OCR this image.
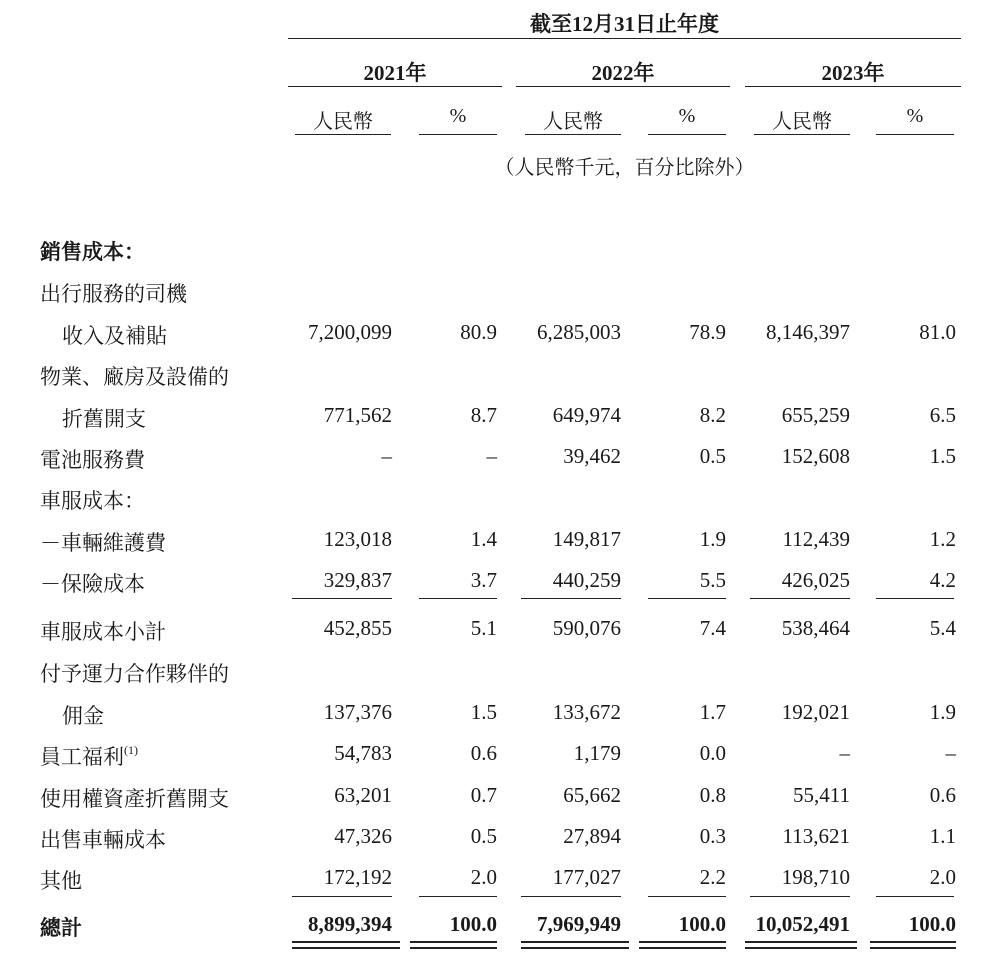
截至12月31日止年度
2021年	2022年	2023年
人民幣	%	人民幣	%	人民幣	%
（人民幣千元，百分比除外）
銷售成本：
出行服務的司機
收入及補貼	7,200,099	80.9 6,285,003	78.9 8,146,397	81.0
物業、廠房及設備的
折舊開支	771,562	8.7	649,974	8.2	655,259	6.5
電池服務費	–	–	39,462	0.5	152,608	1.5
車服成本：
－車輛維護費	123,018	1.4	149,817	1.9	112,439	1.2
－保險成本	329,837	3.7	440,259	5.5	426,025	4.2
車服成本小計	452,855	5.1	590,076	7.4	538,464	5.4
付予運力合作夥伴的
佣金	137,376	1.5	133,672	1.7	192,021	1.9
員工福利$^{(1)}$	54,783	0.6	1,179	0.0	–	–
使用權資產折舊開支	63,201	0.7	65,662	0.8	55,411	0.6
出售車輛成本	47,326	0.5	27,894	0.3	113,621	1.1
其他	172,192	2.0	177,027	2.2	198,710	2.0
總計	8,899,394	100.0 7,969,949	100.0 10,052,491	100.0
